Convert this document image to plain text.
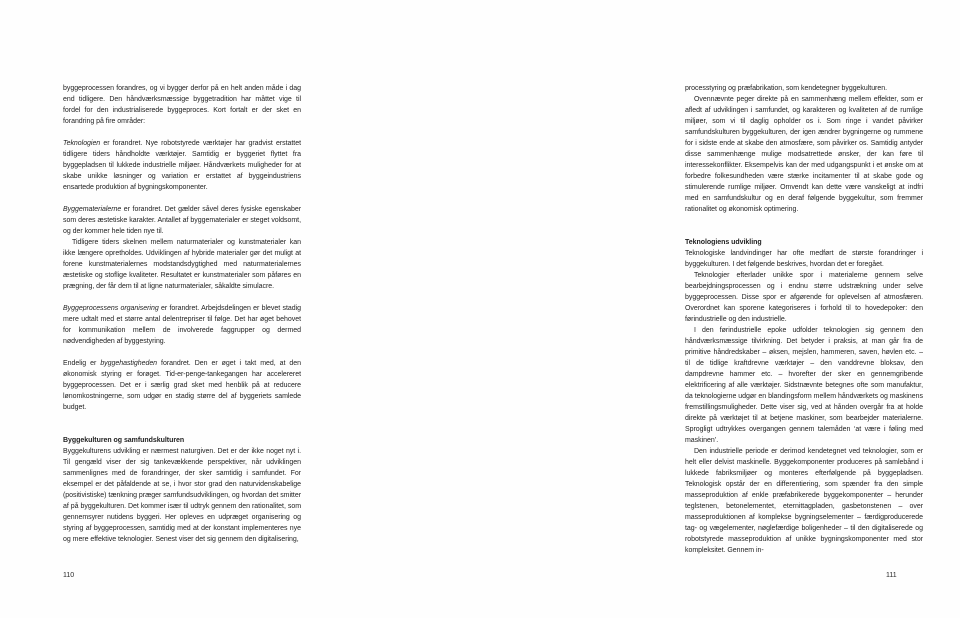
byggeprocessen forandres, og vi bygger derfor på en helt anden måde i dag end tidligere. Den håndværksmæssige byggetradition har måttet vige til fordel for den industrialiserede byggeproces. Kort fortalt er der sket en forandring på fire områder:

Teknologien er forandret. Nye robotstyrede værktøjer har gradvist erstattet tidligere tiders håndholdte værktøjer. Samtidig er byggeriet flyttet fra byggepladsen til lukkede industrielle miljøer. Håndværkets muligheder for at skabe unikke løsninger og variation er erstattet af byggeindustriens ensartede produktion af bygningskomponenter.

Byggematerialerne er forandret. Det gælder såvel deres fysiske egenskaber som deres æstetiske karakter. Antallet af byggematerialer er steget voldsomt, og der kommer hele tiden nye til.

Tidligere tiders skelnen mellem naturmaterialer og kunstmaterialer kan ikke længere opretholdes. Udviklingen af hybride materialer gør det muligt at forene kunstmaterialernes modstandsdygtighed med naturmaterialernes æstetiske og stoflige kvaliteter. Resultatet er kunstmaterialer som påføres en prægning, der får dem til at ligne naturmaterialer, såkaldte simulacre.

Byggeprocessens organisering er forandret. Arbejdsdelingen er blevet stadig mere udtalt med et større antal delentrepriser til følge. Det har øget behovet for kommunikation mellem de involverede faggrupper og dermed nødvendigheden af byggestyring.

Endelig er byggehastigheden forandret. Den er øget i takt med, at den økonomisk styring er forøget. Tid-er-penge-tankegangen har accelereret byggeprocessen. Det er i særlig grad sket med henblik på at reducere lønomkostningerne, som udgør en stadig større del af byggeriets samlede budget.

Byggekulturen og samfundskulturen

Byggekulturens udvikling er nærmest naturgiven. Det er der ikke noget nyt i. Til gengæld viser der sig tankevækkende perspektiver, når udviklingen sammenlignes med de forandringer, der sker samtidig i samfundet. For eksempel er det påfaldende at se, i hvor stor grad den naturvidenskabelige (positivistiske) tænkning præger samfundsudviklingen, og hvordan det smitter af på byggekulturen. Det kommer især til udtryk gennem den rationalitet, som gennemsyrer nutidens byggeri. Her opleves en udpræget organisering og styring af byggeprocessen, samtidig med at der konstant implementeres nye og mere effektive teknologier. Senest viser det sig gennem den digitalisering,

processtyring og præfabrikation, som kendetegner byggekulturen.

Ovennævnte peger direkte på en sammenhæng mellem effekter, som er afledt af udviklingen i samfundet, og karakteren og kvaliteten af de rumlige miljøer, som vi til daglig opholder os i. Som ringe i vandet påvirker samfundskulturen byggekulturen, der igen ændrer bygningerne og rummene for i sidste ende at skabe den atmosfære, som påvirker os. Samtidig antyder disse sammenhænge mulige modsatrettede ønsker, der kan føre til interessekonflikter. Eksempelvis kan der med udgangspunkt i et ønske om at forbedre folkesundheden være stærke incitamenter til at skabe gode og stimulerende rumlige miljøer. Omvendt kan dette være vanskeligt at indfri med en samfundskultur og en deraf følgende byggekultur, som fremmer rationalitet og økonomisk optimering.

Teknologiens udvikling

Teknologiske landvindinger har ofte medført de største forandringer i byggekulturen. I det følgende beskrives, hvordan det er foregået.

Teknologier efterlader unikke spor i materialerne gennem selve bearbejdningsprocessen og i endnu større udstrækning under selve byggeprocessen. Disse spor er afgørende for oplevelsen af atmosfæren. Overordnet kan sporene kategoriseres i forhold til to hovedepoker: den førindustrielle og den industrielle.

I den førindustrielle epoke udfolder teknologien sig gennem den håndværksmæssige tilvirkning. Det betyder i praksis, at man går fra de primitive håndredskaber – øksen, mejslen, hammeren, saven, høvlen etc. – til de tidlige kraftdrevne værktøjer – den vanddrevne bloksav, den dampdrevne hammer etc. – hvorefter der sker en gennemgribende elektrificering af alle værktøjer. Sidstnævnte betegnes ofte som manufaktur, da teknologierne udgør en blandingsform mellem håndværkets og maskinens fremstillingsmuligheder. Dette viser sig, ved at hånden overgår fra at holde direkte på værktøjet til at betjene maskiner, som bearbejder materialerne. Sprogligt udtrykkes overgangen gennem talemåden ‘at være i føling med maskinen’.

Den industrielle periode er derimod kendetegnet ved teknologier, som er helt eller delvist maskinelle. Byggekomponenter produceres på samlebånd i lukkede fabriksmiljøer og monteres efterfølgende på byggepladsen. Teknologisk opstår der en differentiering, som spænder fra den simple masseproduktion af enkle præfabrikerede byggekomponenter – herunder teglstenen, betonelementet, eternittagpladen, gasbetonstenen – over masseproduktionen af komplekse bygningselementer – færdigproducerede tag- og vægelementer, nøglefærdige boligenheder – til den digitaliserede og robotstyrede masseproduktion af unikke bygningskomponenter med stor kompleksitet. Gennem in-

110	111
